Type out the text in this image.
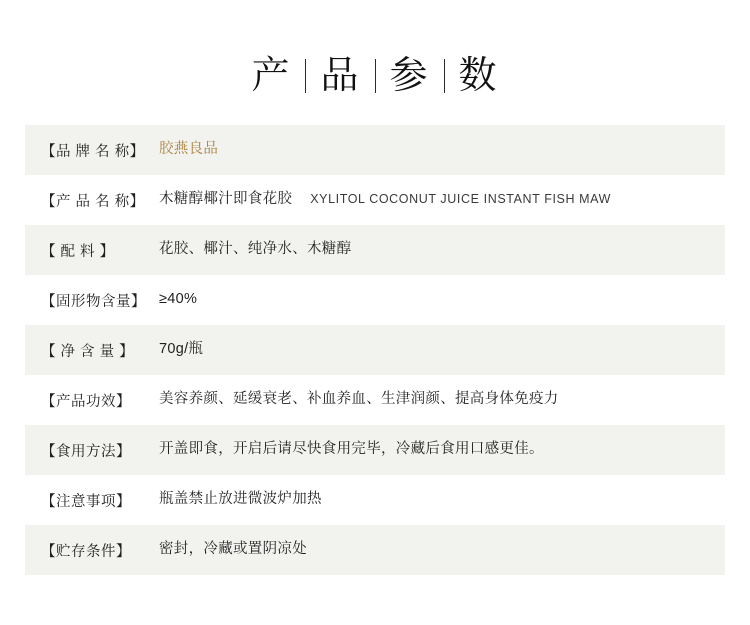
产 品 参 数
【品 牌 名 称】 胶燕良品
【产 品 名 称】 木糖醇椰汁即食花胶 XYLITOL COCONUT JUICE INSTANT FISH MAW
【 配 料 】	花胶、椰汁、纯净水、木糖醇
【固形物含量】 ≥40%
【 净 含 量 】	70g/瓶
【产品功效】	美容养颜、延缓衰老、补血养血、生津润颜、提高身体免疫力
【食用方法】	开盖即食，开启后请尽快食用完毕，冷藏后食用口感更佳。
【注意事项】	瓶盖禁止放进微波炉加热
【贮存条件】	密封，冷藏或置阴凉处
